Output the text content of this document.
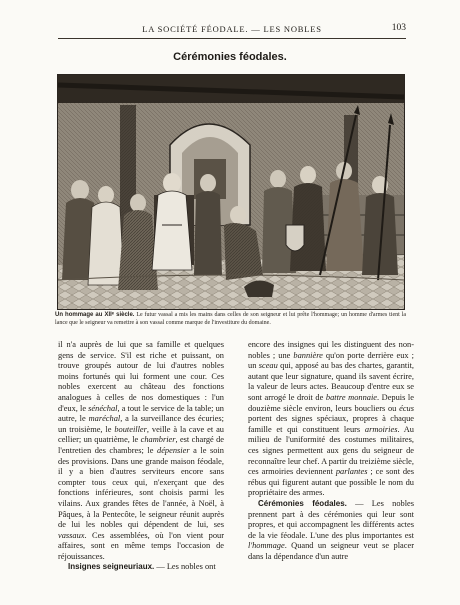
LA SOCIÉTÉ FÉODALE. — LES NOBLES	103
Cérémonies féodales.
Un hommage au XIIᵉ siècle. Le futur vassal a mis les mains dans celles de son seigneur et lui prête l'hommage; un homme d'armes tient la lance que le seigneur va remettre à son vassal comme marque de l'investiture du domaine.

il n'a auprès de lui que sa famille et quelques gens de service. S'il est riche et puissant, on trouve groupés autour de lui d'autres nobles moins fortunés qui lui forment une cour. Ces nobles exercent au château des fonctions analogues à celles de nos domestiques : l'un d'eux, le sénéchal, a tout le service de la table; un autre, le maréchal, a la surveillance des écuries; un troisième, le bouteiller, veille à la cave et au cellier; un quatrième, le chambrier, est chargé de l'entretien des chambres; le dépensier a le soin des provisions. Dans une grande maison féodale, il y a bien d'autres serviteurs encore sans compter tous ceux qui, n'exerçant que des fonctions inférieures, sont choisis parmi les vilains. Aux grandes fêtes de l'année, à Noël, à Pâques, à la Pentecôte, le seigneur réunit auprès de lui les nobles qui dépendent de lui, ses vassaux. Ces assemblées, où l'on vient pour affaires, sont en même temps l'occasion de réjouissances.

Insignes seigneuriaux. — Les nobles ont

encore des insignes qui les distinguent des non-nobles ; une bannière qu'on porte derrière eux ; un sceau qui, apposé au bas des chartes, garantit, autant que leur signature, quand ils savent écrire, la valeur de leurs actes. Beaucoup d'entre eux se sont arrogé le droit de battre monnaie. Depuis le douzième siècle environ, leurs boucliers ou écus portent des signes spéciaux, propres à chaque famille et qui constituent leurs armoiries. Au milieu de l'uniformité des costumes militaires, ces signes permettent aux gens du seigneur de reconnaître leur chef. A partir du treizième siècle, ces armoiries deviennent parlantes ; ce sont des rébus qui figurent autant que possible le nom du propriétaire des armes.

Cérémonies féodales. — Les nobles prennent part à des cérémonies qui leur sont propres, et qui accompagnent les différents actes de la vie féodale. L'une des plus importantes est l'hommage. Quand un seigneur veut se placer dans la dépendance d'un autre
